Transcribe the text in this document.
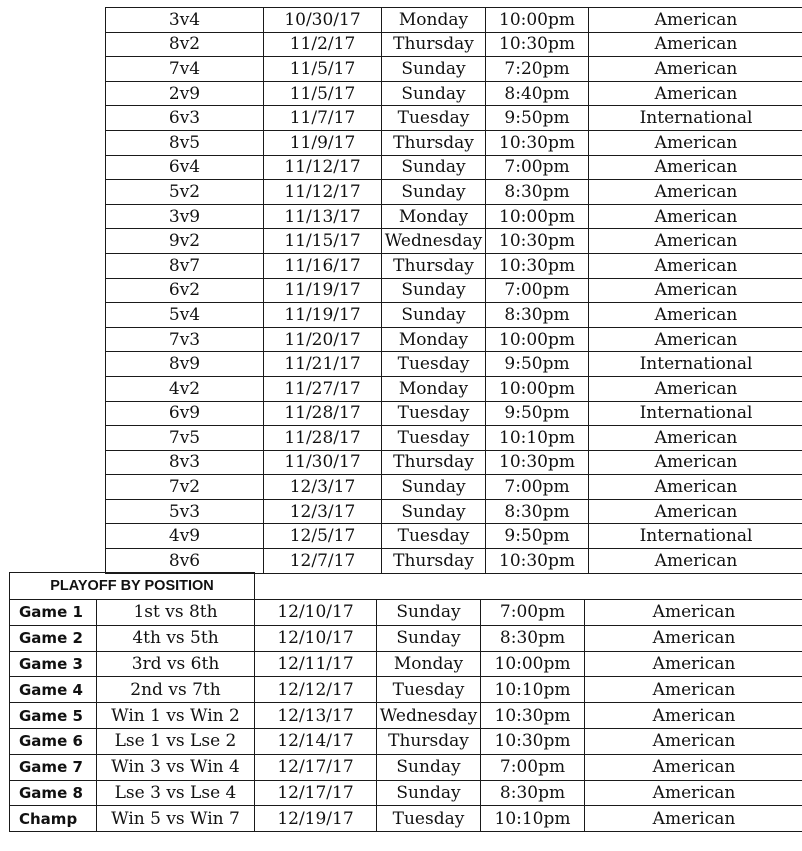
3v4	10/30/17	Monday	10:00pm	American
8v2	11/2/17	Thursday	10:30pm	American
7v4	11/5/17	Sunday	7:20pm	American
2v9	11/5/17	Sunday	8:40pm	American
6v3	11/7/17	Tuesday	9:50pm	International
8v5	11/9/17	Thursday	10:30pm	American
6v4	11/12/17	Sunday	7:00pm	American
5v2	11/12/17	Sunday	8:30pm	American
3v9	11/13/17	Monday	10:00pm	American
9v2	11/15/17	Wednesday	10:30pm	American
8v7	11/16/17	Thursday	10:30pm	American
6v2	11/19/17	Sunday	7:00pm	American
5v4	11/19/17	Sunday	8:30pm	American
7v3	11/20/17	Monday	10:00pm	American
8v9	11/21/17	Tuesday	9:50pm	International
4v2	11/27/17	Monday	10:00pm	American
6v9	11/28/17	Tuesday	9:50pm	International
7v5	11/28/17	Tuesday	10:10pm	American
8v3	11/30/17	Thursday	10:30pm	American
7v2	12/3/17	Sunday	7:00pm	American
5v3	12/3/17	Sunday	8:30pm	American
4v9	12/5/17	Tuesday	9:50pm	International
8v6	12/7/17	Thursday	10:30pm	American
PLAYOFF BY POSITION					
Game 1	1st vs 8th	12/10/17	Sunday	7:00pm	American
Game 2	4th vs 5th	12/10/17	Sunday	8:30pm	American
Game 3	3rd vs 6th	12/11/17	Monday	10:00pm	American
Game 4	2nd vs 7th	12/12/17	Tuesday	10:10pm	American
Game 5	Win 1 vs Win 2	12/13/17	Wednesday	10:30pm	American
Game 6	Lse 1 vs Lse 2	12/14/17	Thursday	10:30pm	American
Game 7	Win 3 vs Win 4	12/17/17	Sunday	7:00pm	American
Game 8	Lse 3 vs Lse 4	12/17/17	Sunday	8:30pm	American
Champ	Win 5 vs Win 7	12/19/17	Tuesday	10:10pm	American
